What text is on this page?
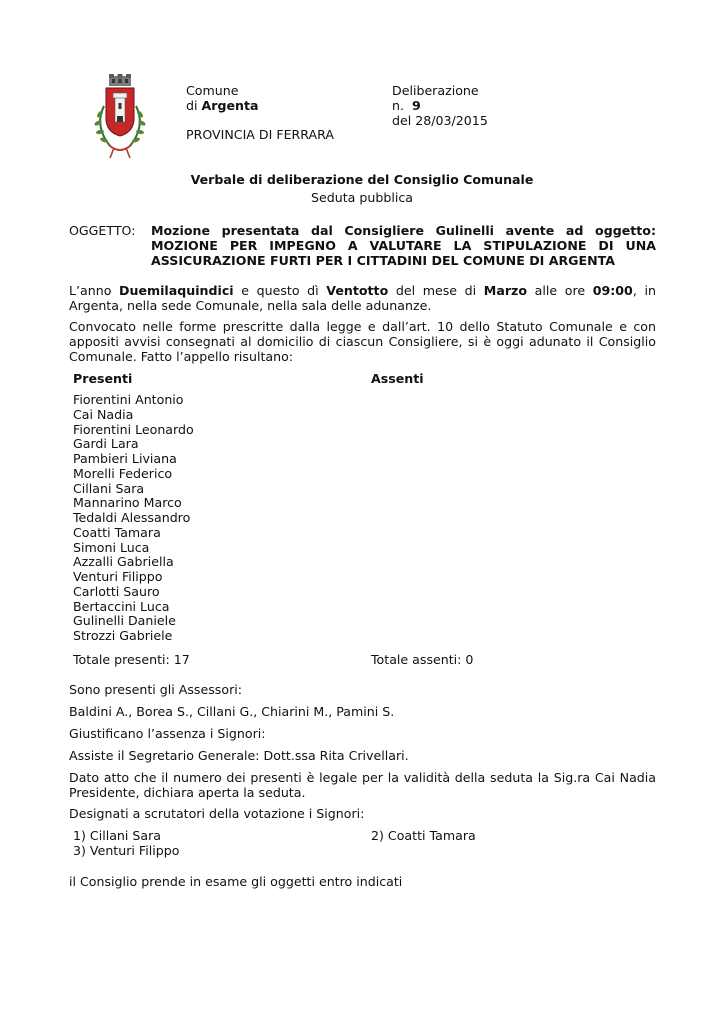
Comune
di Argenta
PROVINCIA DI FERRARA
Deliberazione
n. 9
del 28/03/2015
Verbale di deliberazione del Consiglio Comunale
Seduta pubblica
OGGETTO: Mozione presentata dal Consigliere Gulinelli avente ad oggetto: MOZIONE PER IMPEGNO A VALUTARE LA STIPULAZIONE DI UNA ASSICURAZIONE FURTI PER I CITTADINI DEL COMUNE DI ARGENTA
L’anno Duemilaquindici e questo dì Ventotto del mese di Marzo alle ore 09:00, in Argenta, nella sede Comunale, nella sala delle adunanze.
Convocato nelle forme prescritte dalla legge e dall’art. 10 dello Statuto Comunale e con appositi avvisi consegnati al domicilio di ciascun Consigliere, si è oggi adunato il Consiglio Comunale. Fatto l’appello risultano:
Presenti	Assenti
Fiorentini Antonio
Cai Nadia
Fiorentini Leonardo
Gardi Lara
Pambieri Liviana
Morelli Federico
Cillani Sara
Mannarino Marco
Tedaldi Alessandro
Coatti Tamara
Simoni Luca
Azzalli Gabriella
Venturi Filippo
Carlotti Sauro
Bertaccini Luca
Gulinelli Daniele
Strozzi Gabriele
Totale presenti: 17	Totale assenti: 0
Sono presenti gli Assessori:
Baldini A., Borea S., Cillani G., Chiarini M., Pamini S.
Giustificano l’assenza i Signori:
Assiste il Segretario Generale: Dott.ssa Rita Crivellari.
Dato atto che il numero dei presenti è legale per la validità della seduta la Sig.ra Cai Nadia Presidente, dichiara aperta la seduta.
Designati a scrutatori della votazione i Signori:
1) Cillani Sara	2) Coatti Tamara
3) Venturi Filippo
il Consiglio prende in esame gli oggetti entro indicati
